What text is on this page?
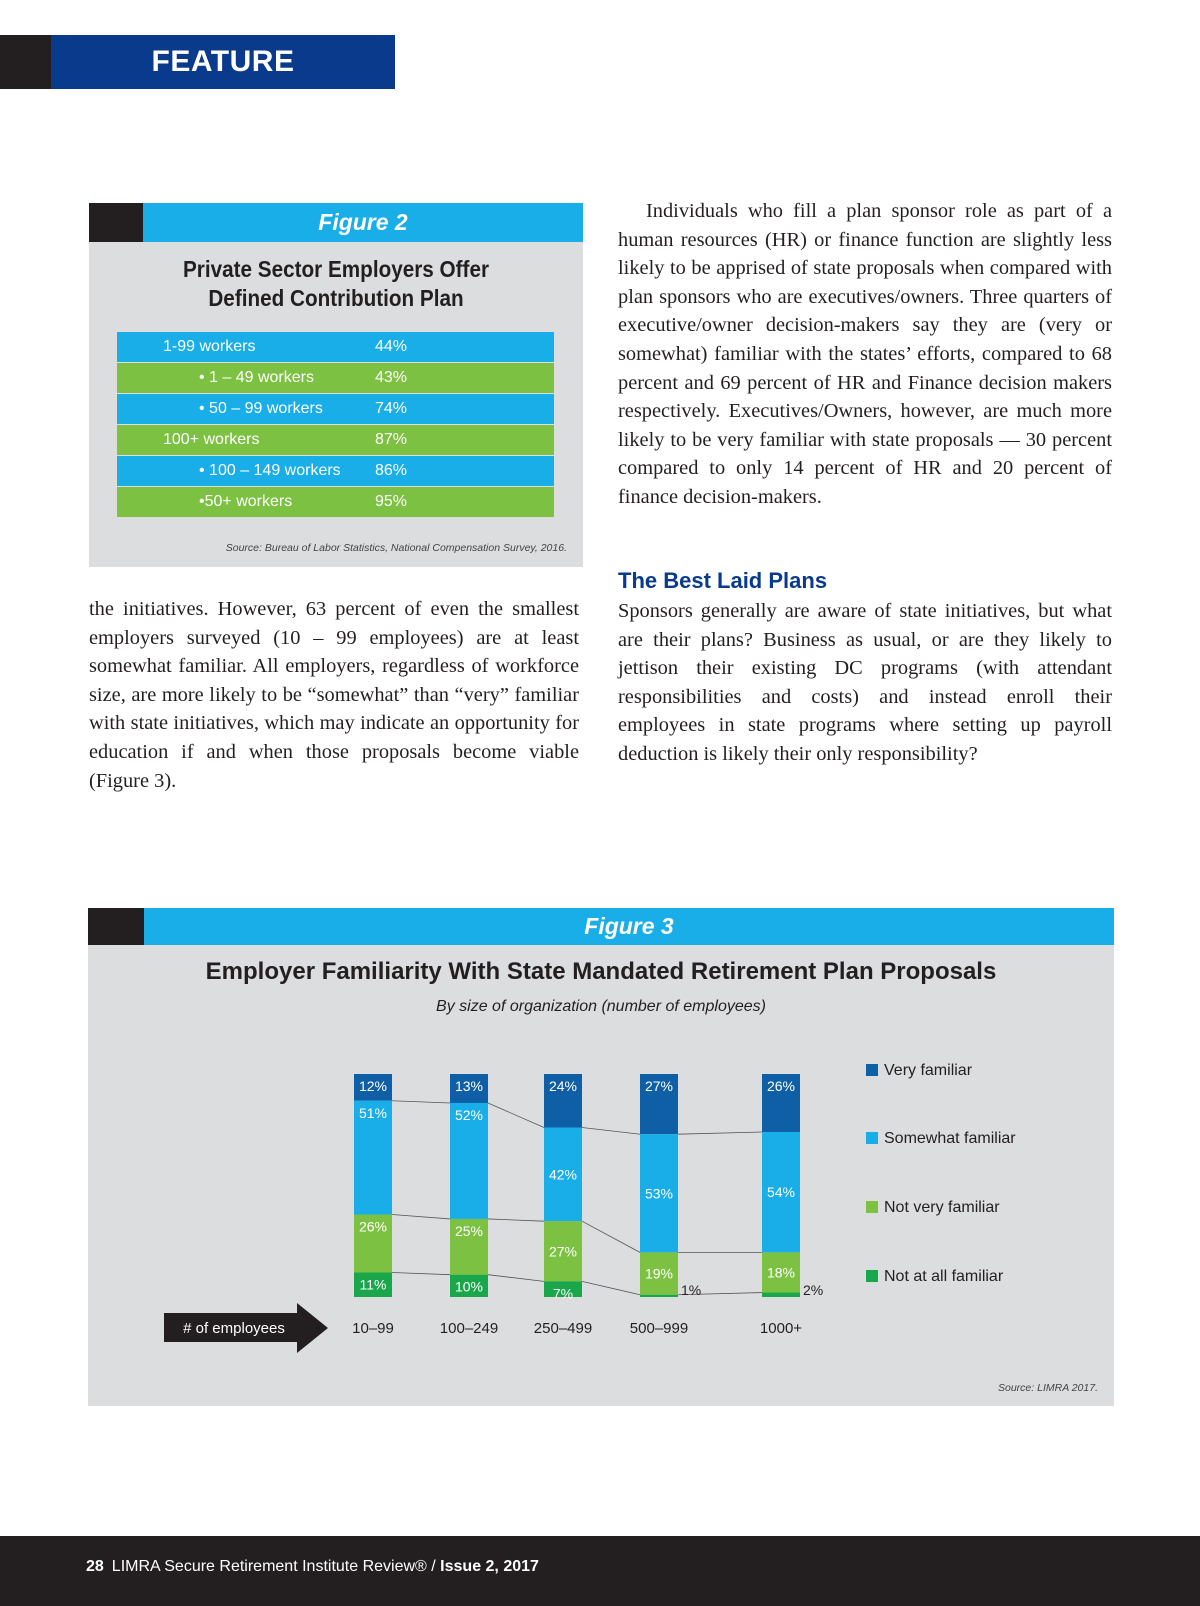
FEATURE
Figure 2
Private Sector Employers Offer
Defined Contribution Plan
1-99 workers	44%
• 1 – 49 workers	43%
• 50 – 99 workers	74%
100+ workers	87%
• 100 – 149 workers	86%
•50+ workers	95%
Source: Bureau of Labor Statistics, National Compensation Survey, 2016.

the initiatives. However, 63 percent of even the smallest employers surveyed (10 – 99 employees) are at least somewhat familiar. All employers, regardless of workforce size, are more likely to be “somewhat” than “very” familiar with state initiatives, which may indicate an opportunity for education if and when those proposals become viable (Figure 3).

Individuals who fill a plan sponsor role as part of a human resources (HR) or finance function are slightly less likely to be apprised of state proposals when compared with plan sponsors who are executives/owners. Three quarters of executive/owner decision-makers say they are (very or somewhat) familiar with the states’ efforts, compared to 68 percent and 69 percent of HR and Finance decision makers respectively. Executives/Owners, however, are much more likely to be very familiar with state proposals — 30 percent compared to only 14 percent of HR and 20 percent of finance decision-makers.

The Best Laid Plans

Sponsors generally are aware of state initiatives, but what are their plans? Business as usual, or are they likely to jettison their existing DC programs (with attendant responsibilities and costs) and instead enroll their employees in state programs where setting up payroll deduction is likely their only responsibility?

Figure 3
Employer Familiarity With State Mandated Retirement Plan Proposals
By size of organization (number of employees)
12%
51%
26%
11%
10–99
13%
52%
25%
10%
100–249
24%
42%
27%
7%
250–499
27%
53%
19%
1%
500–999
26%
54%
18%
2%
1000+
# of employees
Very familiar
Somewhat familiar
Not very familiar
Not at all familiar
Source: LIMRA 2017.
28 LIMRA Secure Retirement Institute Review® / Issue 2, 2017
